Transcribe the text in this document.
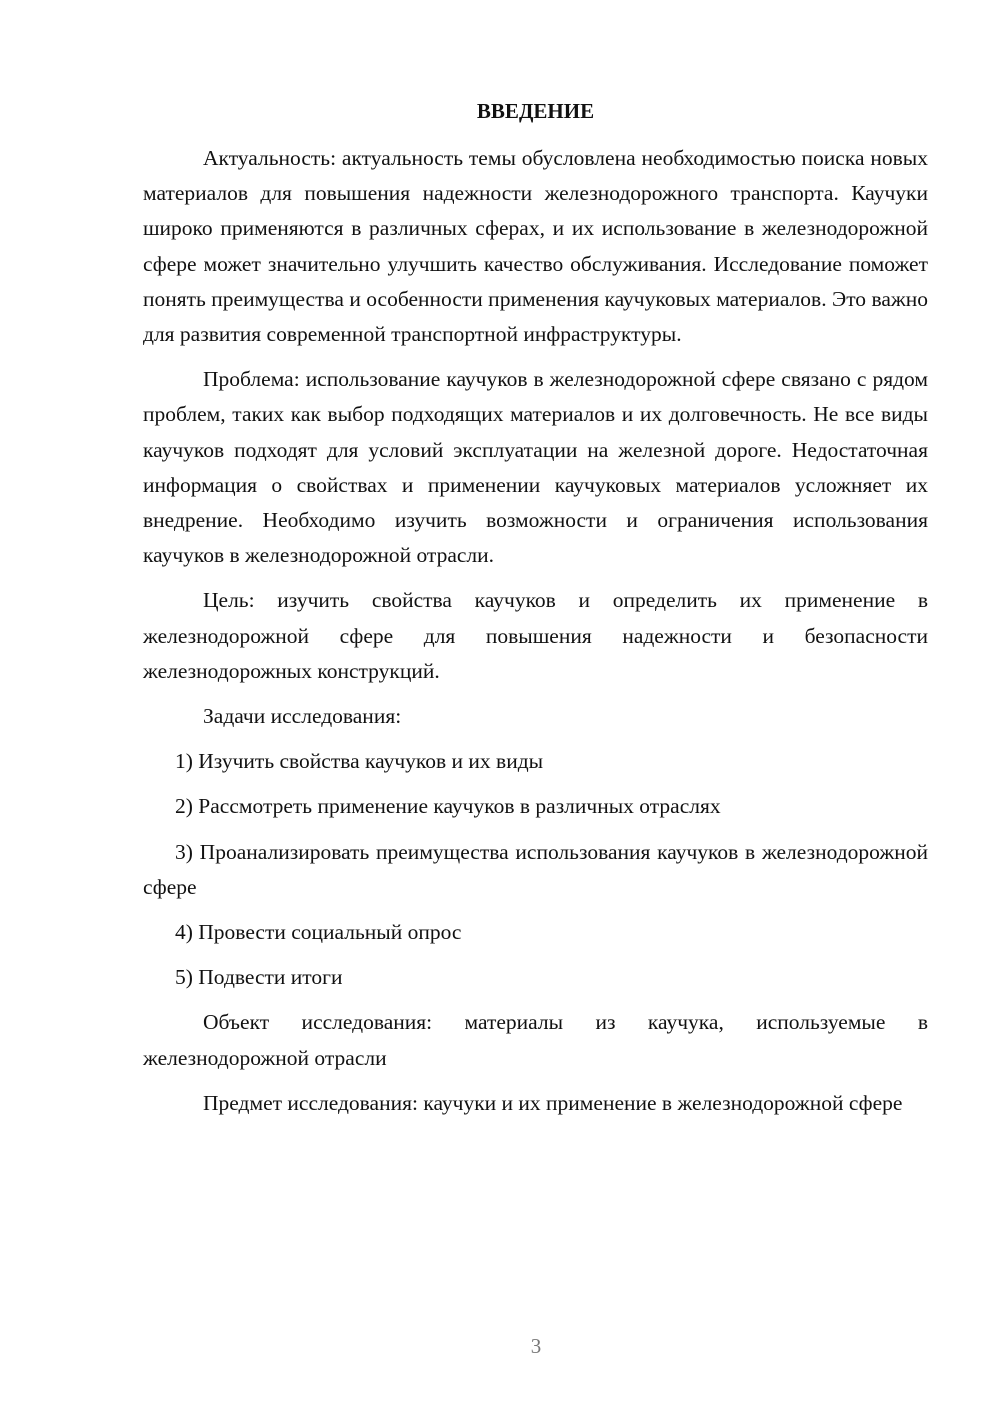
ВВЕДЕНИЕ

Актуальность: актуальность темы обусловлена необходимостью поиска новых материалов для повышения надежности железнодорожного транспорта. Каучуки широко применяются в различных сферах, и их использование в железнодорожной сфере может значительно улучшить качество обслуживания. Исследование поможет понять преимущества и особенности применения каучуковых материалов. Это важно для развития современной транспортной инфраструктуры.

Проблема: использование каучуков в железнодорожной сфере связано с рядом проблем, таких как выбор подходящих материалов и их долговечность. Не все виды каучуков подходят для условий эксплуатации на железной дороге. Недостаточная информация о свойствах и применении каучуковых материалов усложняет их внедрение. Необходимо изучить возможности и ограничения использования каучуков в железнодорожной отрасли.

Цель: изучить свойства каучуков и определить их применение в железнодорожной сфере для повышения надежности и безопасности железнодорожных конструкций.

Задачи исследования:

1) Изучить свойства каучуков и их виды

2) Рассмотреть применение каучуков в различных отраслях

3) Проанализировать преимущества использования каучуков в железнодорожной сфере

4) Провести социальный опрос

5) Подвести итоги

Объект исследования: материалы из каучука, используемые в железнодорожной отрасли

Предмет исследования: каучуки и их применение в железнодорожной сфере

3
